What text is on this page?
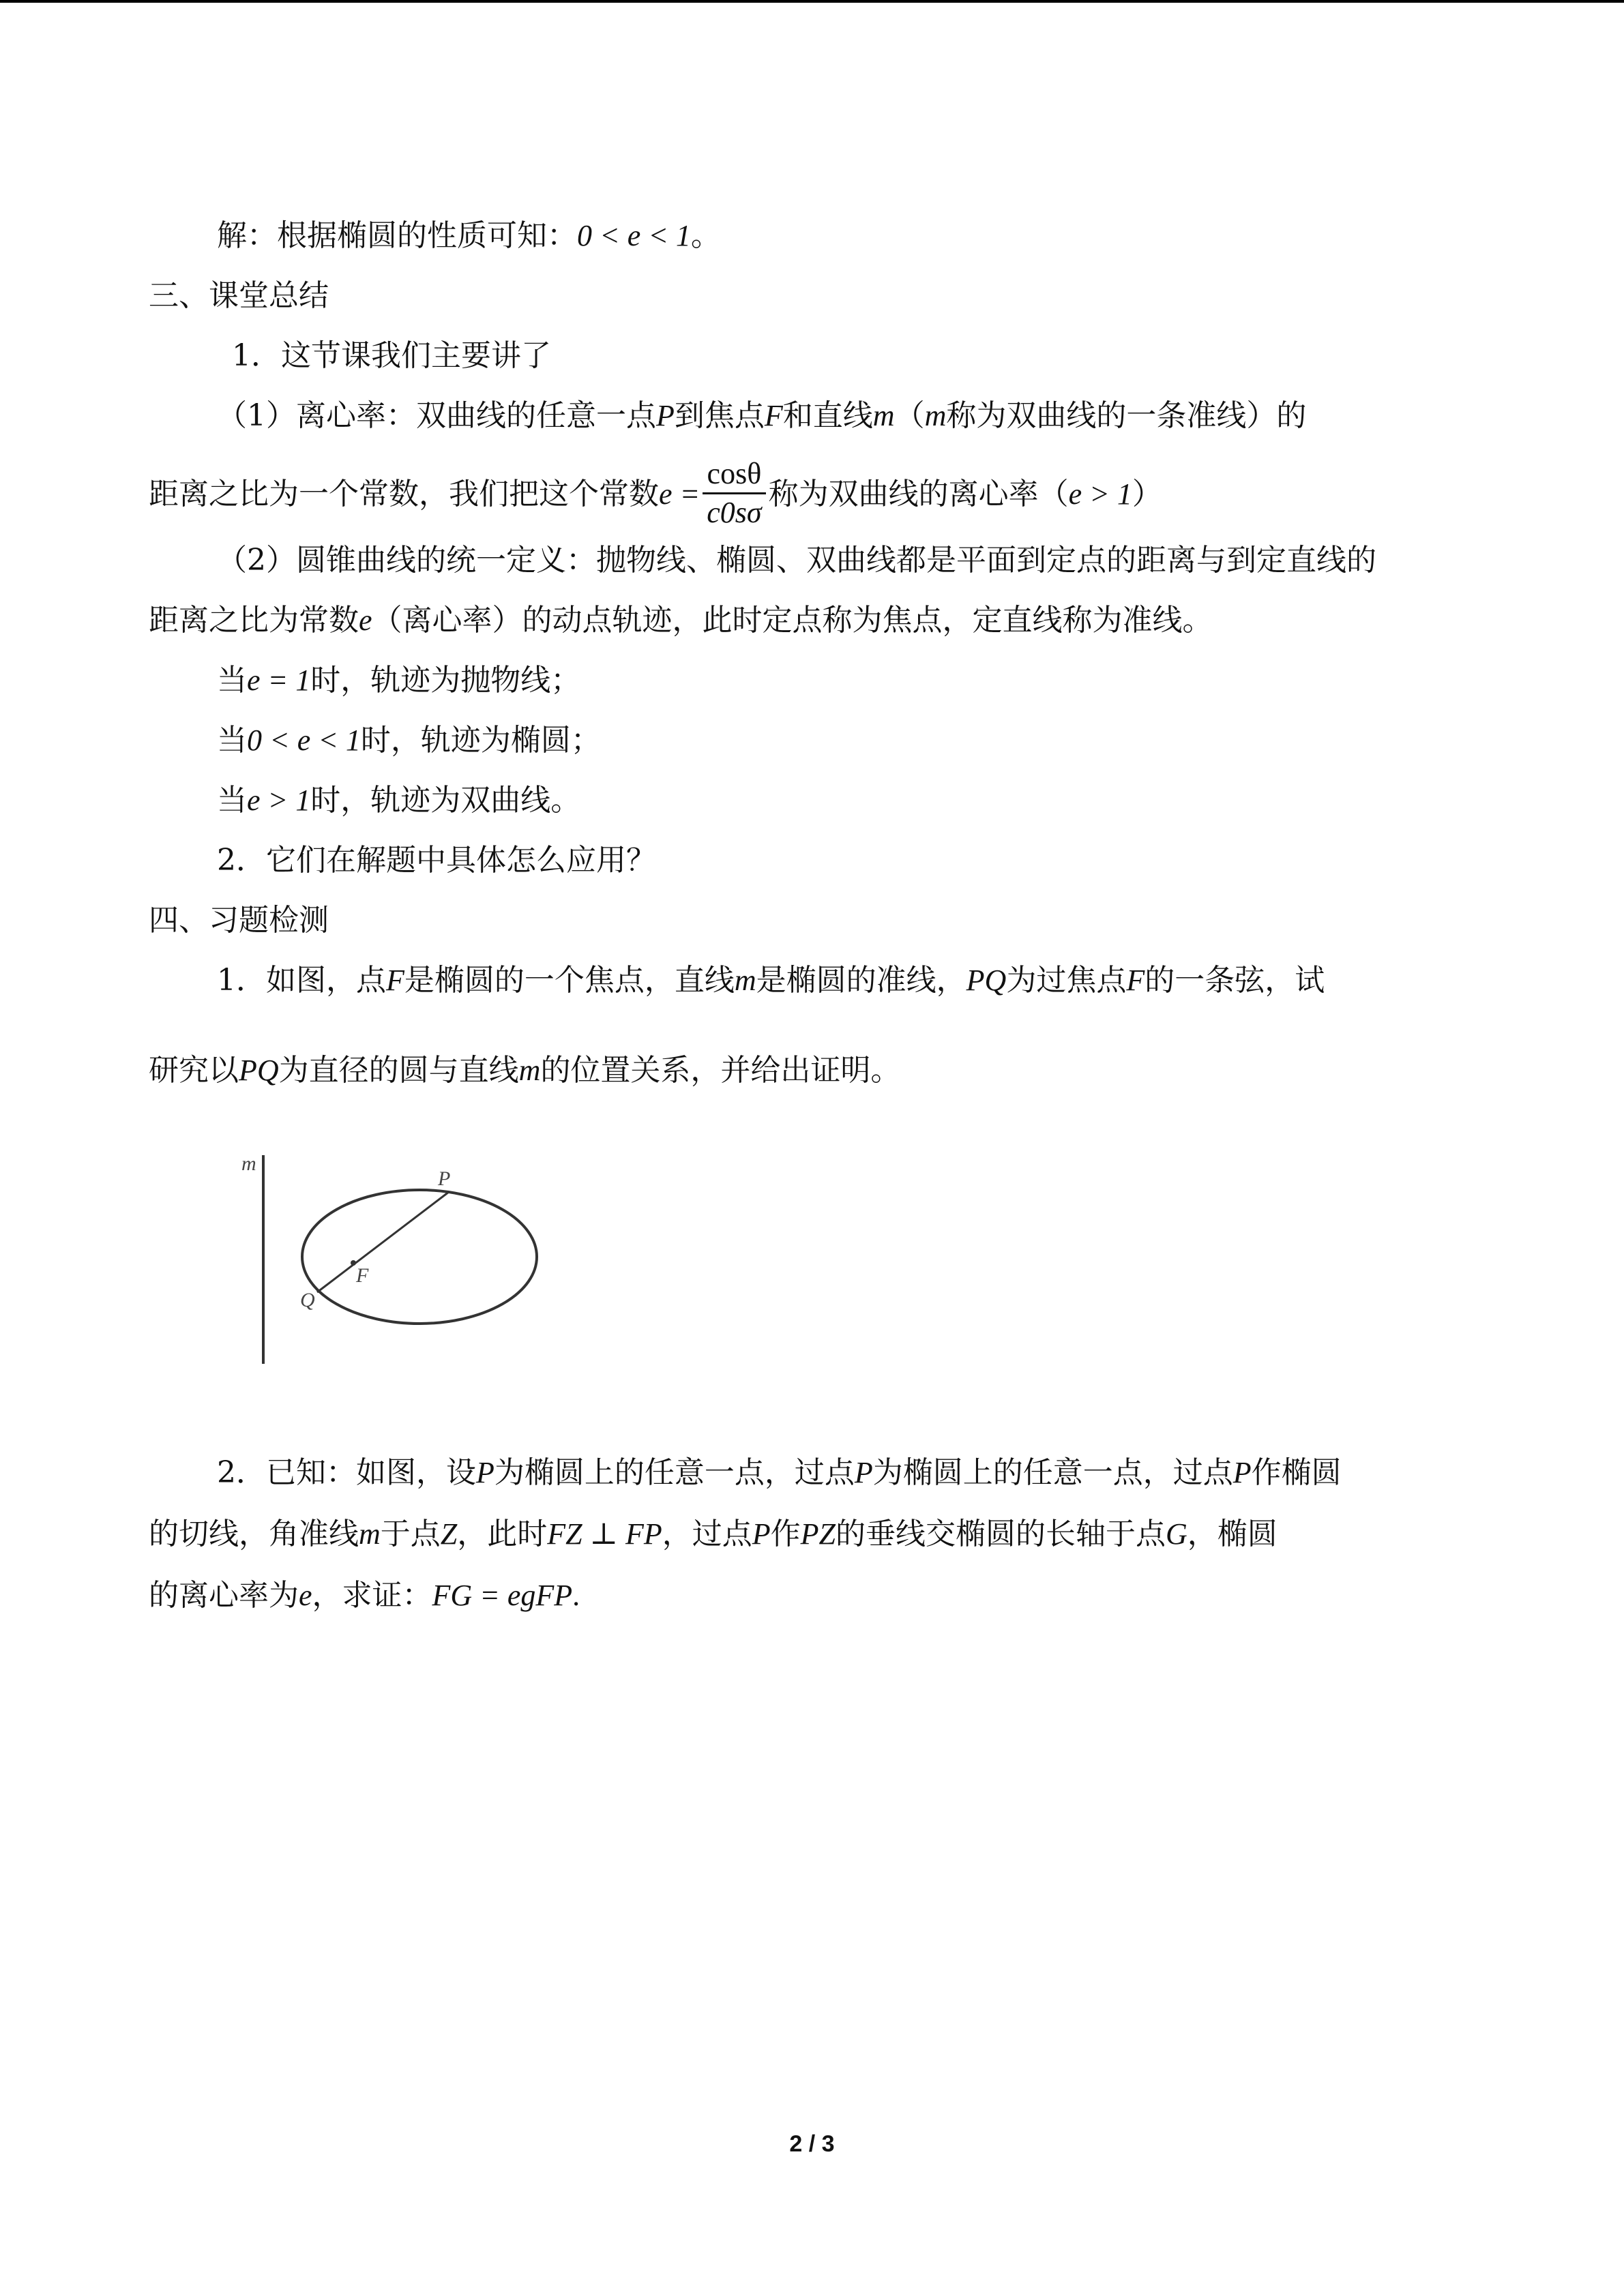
解：根据椭圆的性质可知：0 < e < 1。
三、课堂总结
1．这节课我们主要讲了
（1）离心率：双曲线的任意一点P到焦点F和直线m（m称为双曲线的一条准线）的
距离之比为一个常数，我们把这个常数$e = \frac{\cos\theta}{c0s\sigma}$ 称为双曲线的离心率（e > 1）
（2）圆锥曲线的统一定义：抛物线、椭圆、双曲线都是平面到定点的距离与到定直线的
距离之比为常数e（离心率）的动点轨迹，此时定点称为焦点，定直线称为准线。
当e = 1时，轨迹为抛物线；
当0 < e < 1时，轨迹为椭圆；
当e > 1时，轨迹为双曲线。
2．它们在解题中具体怎么应用？
四、习题检测
1．如图，点F是椭圆的一个焦点，直线m是椭圆的准线，PQ为过焦点F的一条弦，试
研究以PQ为直径的圆与直线m的位置关系，并给出证明。
m
P
F
Q
2．已知：如图，设P为椭圆上的任意一点，过点P为椭圆上的任意一点，过点P作椭圆
的切线，角准线m于点Z，此时FZ ⊥ FP，过点P作PZ的垂线交椭圆的长轴于点G，椭圆
的离心率为e，求证：FG = egFP.
2 / 3
